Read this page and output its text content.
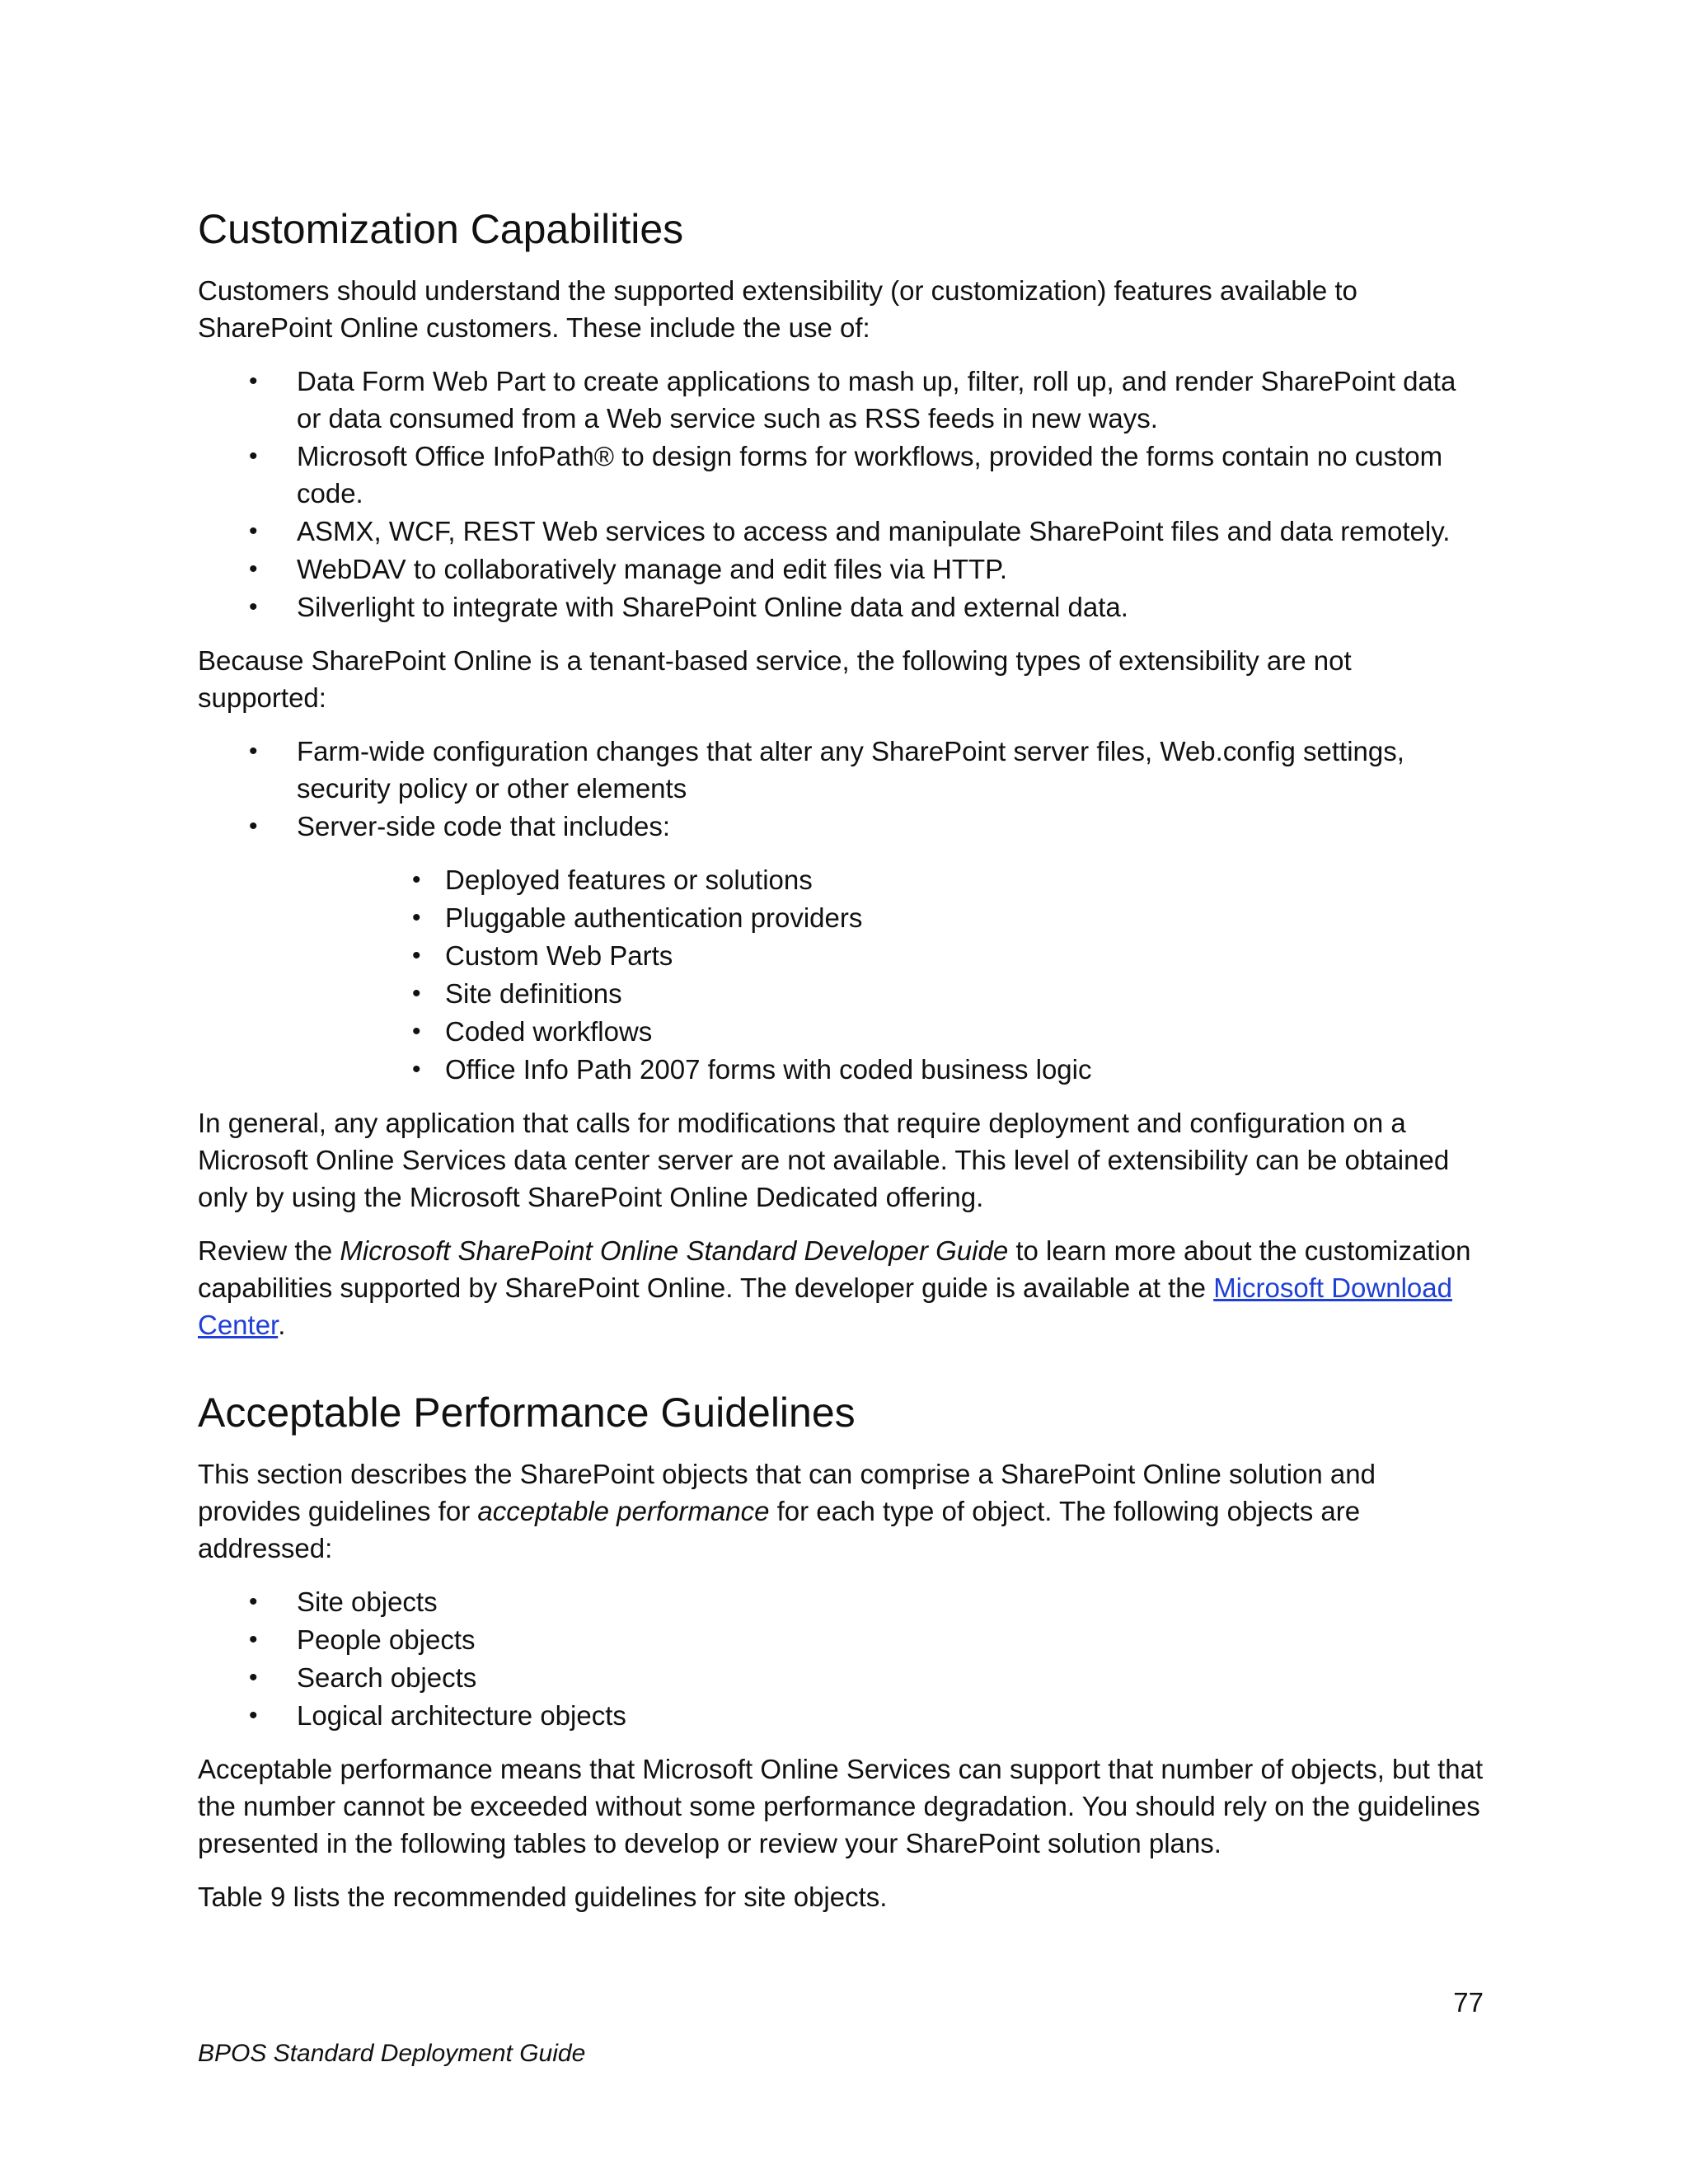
Customization Capabilities

Customers should understand the supported extensibility (or customization) features available to SharePoint Online customers. These include the use of:

• Data Form Web Part to create applications to mash up, filter, roll up, and render SharePoint data or data consumed from a Web service such as RSS feeds in new ways.
• Microsoft Office InfoPath® to design forms for workflows, provided the forms contain no custom code.
• ASMX, WCF, REST Web services to access and manipulate SharePoint files and data remotely.
• WebDAV to collaboratively manage and edit files via HTTP.
• Silverlight to integrate with SharePoint Online data and external data.

Because SharePoint Online is a tenant-based service, the following types of extensibility are not supported:

• Farm-wide configuration changes that alter any SharePoint server files, Web.config settings, security policy or other elements
• Server-side code that includes:
• Deployed features or solutions
• Pluggable authentication providers
• Custom Web Parts
• Site definitions
• Coded workflows
• Office Info Path 2007 forms with coded business logic

In general, any application that calls for modifications that require deployment and configuration on a Microsoft Online Services data center server are not available. This level of extensibility can be obtained only by using the Microsoft SharePoint Online Dedicated offering.

Review the Microsoft SharePoint Online Standard Developer Guide to learn more about the customization capabilities supported by SharePoint Online. The developer guide is available at the Microsoft Download Center.

Acceptable Performance Guidelines

This section describes the SharePoint objects that can comprise a SharePoint Online solution and provides guidelines for acceptable performance for each type of object. The following objects are addressed:

• Site objects
• People objects
• Search objects
• Logical architecture objects

Acceptable performance means that Microsoft Online Services can support that number of objects, but that the number cannot be exceeded without some performance degradation. You should rely on the guidelines presented in the following tables to develop or review your SharePoint solution plans.

Table 9 lists the recommended guidelines for site objects.

77
BPOS Standard Deployment Guide
